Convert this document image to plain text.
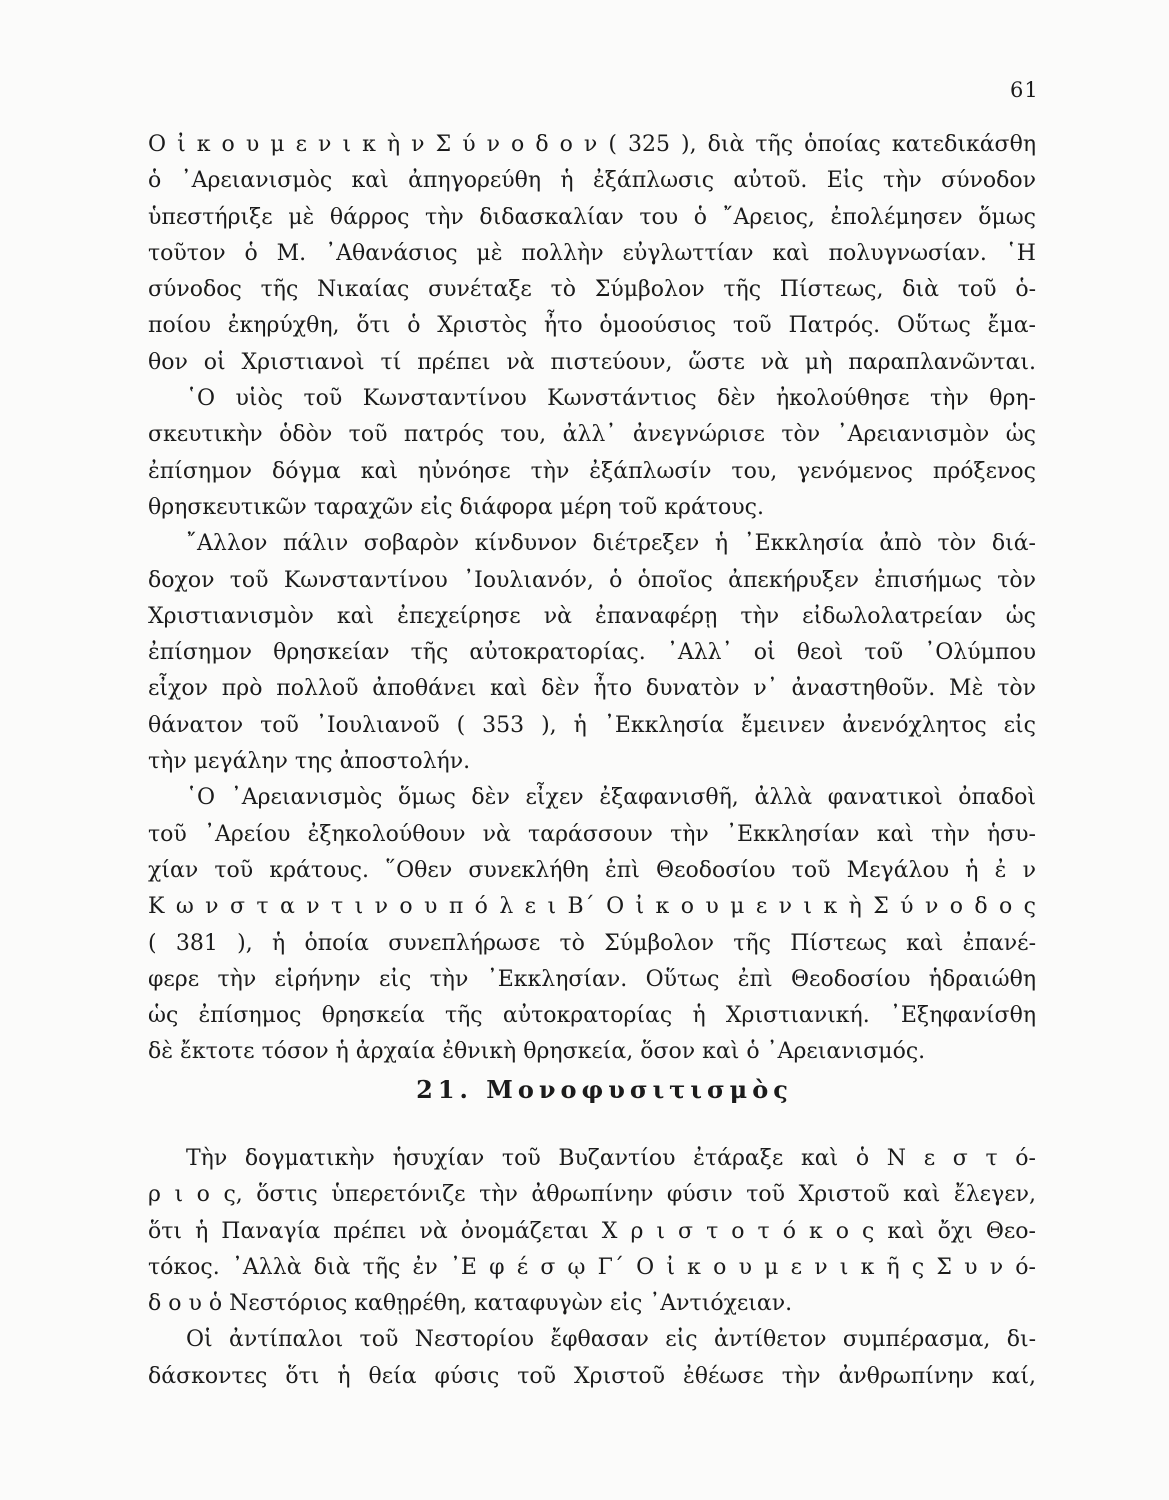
61
Ο ἰ κ ο υ μ ε ν ι κ ὴ ν Σ ύ ν ο δ ο ν ( 325 ), διὰ τῆς ὁποίας κατεδικάσθη
ὁ ᾿Αρειανισμὸς καὶ ἀπηγορεύθη ἡ ἐξάπλωσις αὐτοῦ. Εἰς τὴν σύνοδον
ὑπεστήριξε μὲ θάρρος τὴν διδασκαλίαν του ὁ ῎Αρειος, ἐπολέμησεν ὅμως
τοῦτον ὁ Μ. ᾿Αθανάσιος μὲ πολλὴν εὐγλωττίαν καὶ πολυγνωσίαν. ῾Η
σύνοδος τῆς Νικαίας συνέταξε τὸ Σύμβολον τῆς Πίστεως, διὰ τοῦ ὁ-
ποίου ἐκηρύχθη, ὅτι ὁ Χριστὸς ἦτο ὁμοούσιος τοῦ Πατρός. Οὕτως ἔμα-
θον οἱ Χριστιανοὶ τί πρέπει νὰ πιστεύουν, ὥστε νὰ μὴ παραπλανῶνται.
῾Ο υἱὸς τοῦ Κωνσταντίνου Κωνστάντιος δὲν ἠκολούθησε τὴν θρη-
σκευτικὴν ὁδὸν τοῦ πατρός του, ἀλλ᾿ ἀνεγνώρισε τὸν ᾿Αρειανισμὸν ὡς
ἐπίσημον δόγμα καὶ ηὐνόησε τὴν ἐξάπλωσίν του, γενόμενος πρόξενος
θρησκευτικῶν ταραχῶν εἰς διάφορα μέρη τοῦ κράτους.
῎Αλλον πάλιν σοβαρὸν κίνδυνον διέτρεξεν ἡ ᾿Εκκλησία ἀπὸ τὸν διά-
δοχον τοῦ Κωνσταντίνου ᾿Ιουλιανόν, ὁ ὁποῖος ἀπεκήρυξεν ἐπισήμως τὸν
Χριστιανισμὸν καὶ ἐπεχείρησε νὰ ἐπαναφέρῃ τὴν εἰδωλολατρείαν ὡς
ἐπίσημον θρησκείαν τῆς αὐτοκρατορίας. ᾿Αλλ᾿ οἱ θεοὶ τοῦ ᾿Ολύμπου
εἶχον πρὸ πολλοῦ ἀποθάνει καὶ δὲν ἦτο δυνατὸν ν᾿ ἀναστηθοῦν. Μὲ τὸν
θάνατον τοῦ ᾿Ιουλιανοῦ ( 353 ), ἡ ᾿Εκκλησία ἔμεινεν ἀνενόχλητος εἰς
τὴν μεγάλην της ἀποστολήν.
῾Ο ᾿Αρειανισμὸς ὅμως δὲν εἶχεν ἐξαφανισθῆ, ἀλλὰ φανατικοὶ ὀπαδοὶ
τοῦ ᾿Αρείου ἐξηκολούθουν νὰ ταράσσουν τὴν ᾿Εκκλησίαν καὶ τὴν ἡσυ-
χίαν τοῦ κράτους. ῞Οθεν συνεκλήθη ἐπὶ Θεοδοσίου τοῦ Μεγάλου ἡ ἐ ν
Κ ω ν σ τ α ν τ ι ν ο υ π ό λ ε ι Β΄ Ο ἰ κ ο υ μ ε ν ι κ ὴ Σ ύ ν ο δ ο ς
( 381 ), ἡ ὁποία συνεπλήρωσε τὸ Σύμβολον τῆς Πίστεως καὶ ἐπανέ-
φερε τὴν εἰρήνην εἰς τὴν ᾿Εκκλησίαν. Οὕτως ἐπὶ Θεοδοσίου ἡδραιώθη
ὡς ἐπίσημος θρησκεία τῆς αὐτοκρατορίας ἡ Χριστιανική. ᾿Εξηφανίσθη
δὲ ἔκτοτε τόσον ἡ ἀρχαία ἐθνικὴ θρησκεία, ὅσον καὶ ὁ ᾿Αρειανισμός.
21. Μονοφυσιτισμὸς
Τὴν δογματικὴν ἡσυχίαν τοῦ Βυζαντίου ἐτάραξε καὶ ὁ Ν ε σ τ ό-
ρ ι ο ς, ὅστις ὑπερετόνιζε τὴν ἀθρωπίνην φύσιν τοῦ Χριστοῦ καὶ ἔλεγεν,
ὅτι ἡ Παναγία πρέπει νὰ ὀνομάζεται Χ ρ ι σ τ ο τ ό κ ο ς καὶ ὄχι Θεο-
τόκος. ᾿Αλλὰ διὰ τῆς ἐν ᾿Ε φ έ σ ῳ Γ΄ Ο ἰ κ ο υ μ ε ν ι κ ῆ ς Σ υ ν ό-
δ ο υ ὁ Νεστόριος καθῃρέθη, καταφυγὼν εἰς ᾿Αντιόχειαν.
Οἱ ἀντίπαλοι τοῦ Νεστορίου ἔφθασαν εἰς ἀντίθετον συμπέρασμα, δι-
δάσκοντες ὅτι ἡ θεία φύσις τοῦ Χριστοῦ ἐθέωσε τὴν ἀνθρωπίνην καί,
